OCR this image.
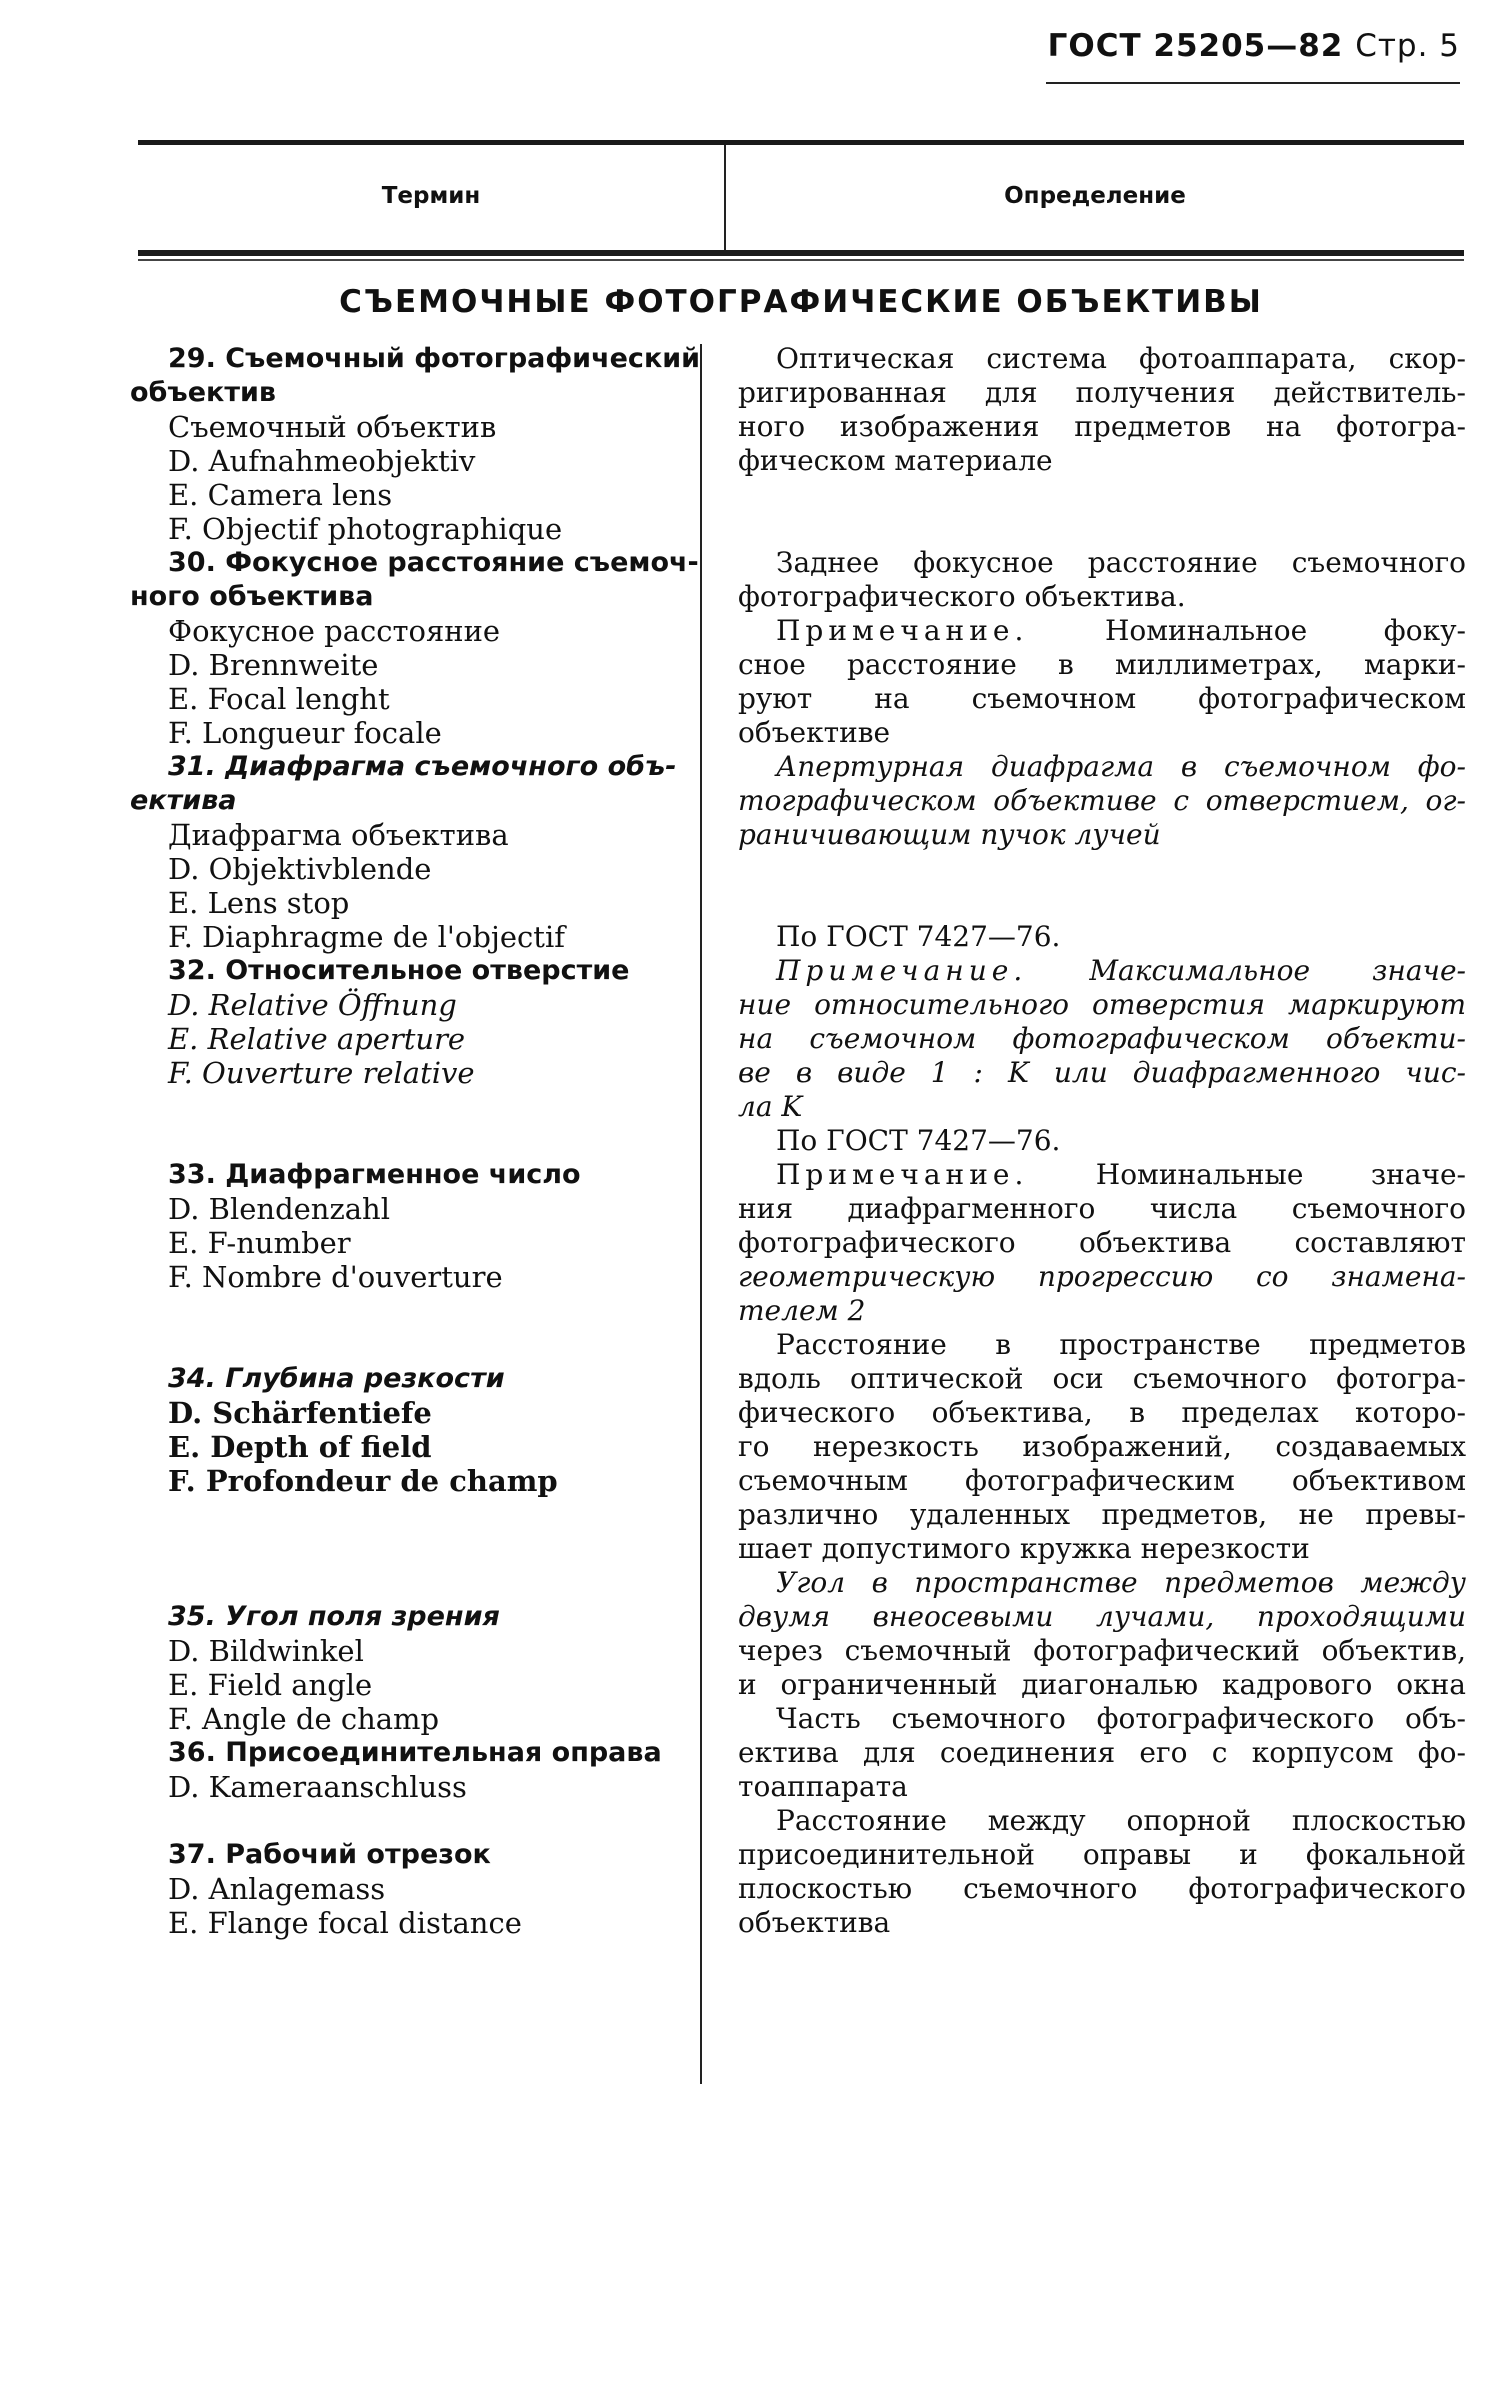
ГОСТ 25205—82 Стр. 5
Термин	Определение
СЪЕМОЧНЫЕ ФОТОГРАФИЧЕСКИЕ ОБЪЕКТИВЫ
29. Съемочный фотографический
объектив
Съемочный объектив
D. Aufnahmeobjektiv
E. Camera lens
F. Objectif photographique
30. Фокусное расстояние съемоч-
ного объектива
Фокусное расстояние
D. Brennweite
E. Focal lenght
F. Longueur focale
31. Диафрагма съемочного объ-
ектива
Диафрагма объектива
D. Objektivblende
E. Lens stop
F. Diaphragme de l'objectif
32. Относительное отверстие
D. Relative Öffnung
E. Relative aperture
F. Ouverture relative
33. Диафрагменное число
D. Blendenzahl
E. F-number
F. Nombre d'ouverture
34. Глубина резкости
D. Schärfentiefe
E. Depth of field
F. Profondeur de champ
35. Угол поля зрения
D. Bildwinkel
E. Field angle
F. Angle de champ
36. Присоединительная оправа
D. Kameraanschluss
37. Рабочий отрезок
D. Anlagemass
E. Flange focal distance
Оптическая система фотоаппарата, скор-
ригированная для получения действитель-
ного изображения предметов на фотогра-
фическом материале
Заднее фокусное расстояние съемочного
фотографического объектива.
Примечание.	Номинальное фоку-
сное расстояние в миллиметрах, марки-
руют на съемочном фотографическом
объективе
Апертурная диафрагма в съемочном фо-
тографическом объективе с отверстием, ог-
раничивающим пучок лучей
По ГОСТ 7427—76.
Примечание. Максимальное значе-
ние относительного отверстия маркируют
на съемочном фотографическом объекти-
ве в виде 1 : K или диафрагменного чис-
ла K
По ГОСТ 7427—76.
Примечание. Номинальные значе-
ния диафрагменного числа съемочного
фотографического объектива составляют
геометрическую прогрессию со знамена-
телем 2
Расстояние в пространстве предметов
вдоль оптической оси съемочного фотогра-
фического объектива, в пределах которо-
го нерезкость изображений, создаваемых
съемочным фотографическим объективом
различно удаленных предметов, не превы-
шает допустимого кружка нерезкости
Угол в пространстве предметов между
двумя внеосевыми лучами, проходящими
через съемочный фотографический объектив,
и ограниченный диагональю кадрового окна
Часть съемочного фотографического объ-
ектива для соединения его с корпусом фо-
тоаппарата
Расстояние между опорной плоскостью
присоединительной оправы и фокальной
плоскостью съемочного фотографического
объектива
